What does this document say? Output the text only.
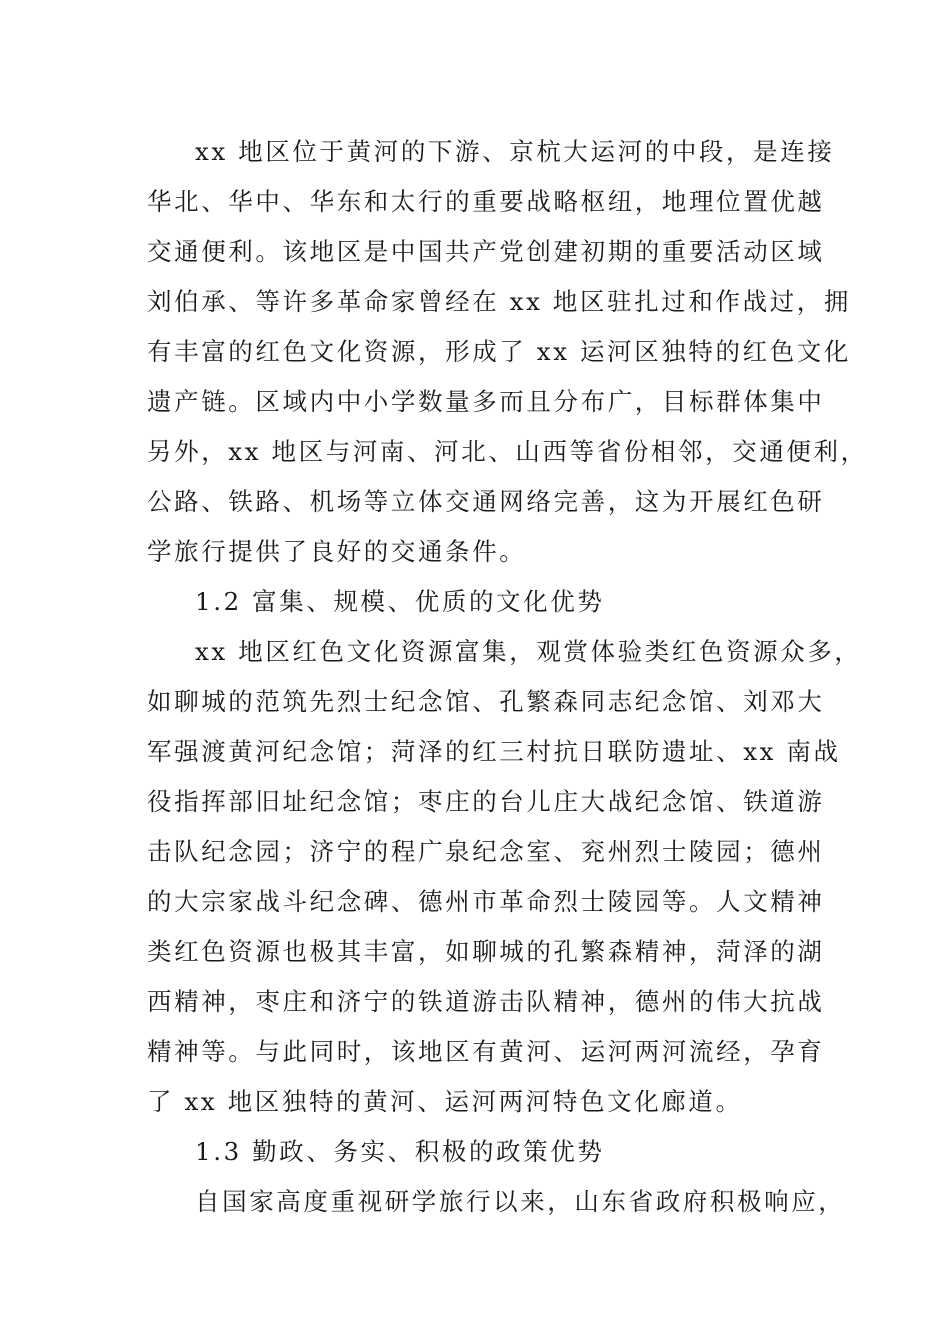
xx 地区位于黄河的下游、京杭大运河的中段，是连接
华北、华中、华东和太行的重要战略枢纽，地理位置优越
交通便利。该地区是中国共产党创建初期的重要活动区域
刘伯承、等许多革命家曾经在 xx 地区驻扎过和作战过，拥
有丰富的红色文化资源，形成了 xx 运河区独特的红色文化
遗产链。区域内中小学数量多而且分布广，目标群体集中
另外，xx 地区与河南、河北、山西等省份相邻，交通便利，
公路、铁路、机场等立体交通网络完善，这为开展红色研
学旅行提供了良好的交通条件。
1.2 富集、规模、优质的文化优势
xx 地区红色文化资源富集，观赏体验类红色资源众多，
如聊城的范筑先烈士纪念馆、孔繁森同志纪念馆、刘邓大
军强渡黄河纪念馆；菏泽的红三村抗日联防遗址、xx 南战
役指挥部旧址纪念馆；枣庄的台儿庄大战纪念馆、铁道游
击队纪念园；济宁的程广泉纪念室、兖州烈士陵园；德州
的大宗家战斗纪念碑、德州市革命烈士陵园等。人文精神
类红色资源也极其丰富，如聊城的孔繁森精神，菏泽的湖
西精神，枣庄和济宁的铁道游击队精神，德州的伟大抗战
精神等。与此同时，该地区有黄河、运河两河流经，孕育
了 xx 地区独特的黄河、运河两河特色文化廊道。
1.3 勤政、务实、积极的政策优势
自国家高度重视研学旅行以来，山东省政府积极响应，
